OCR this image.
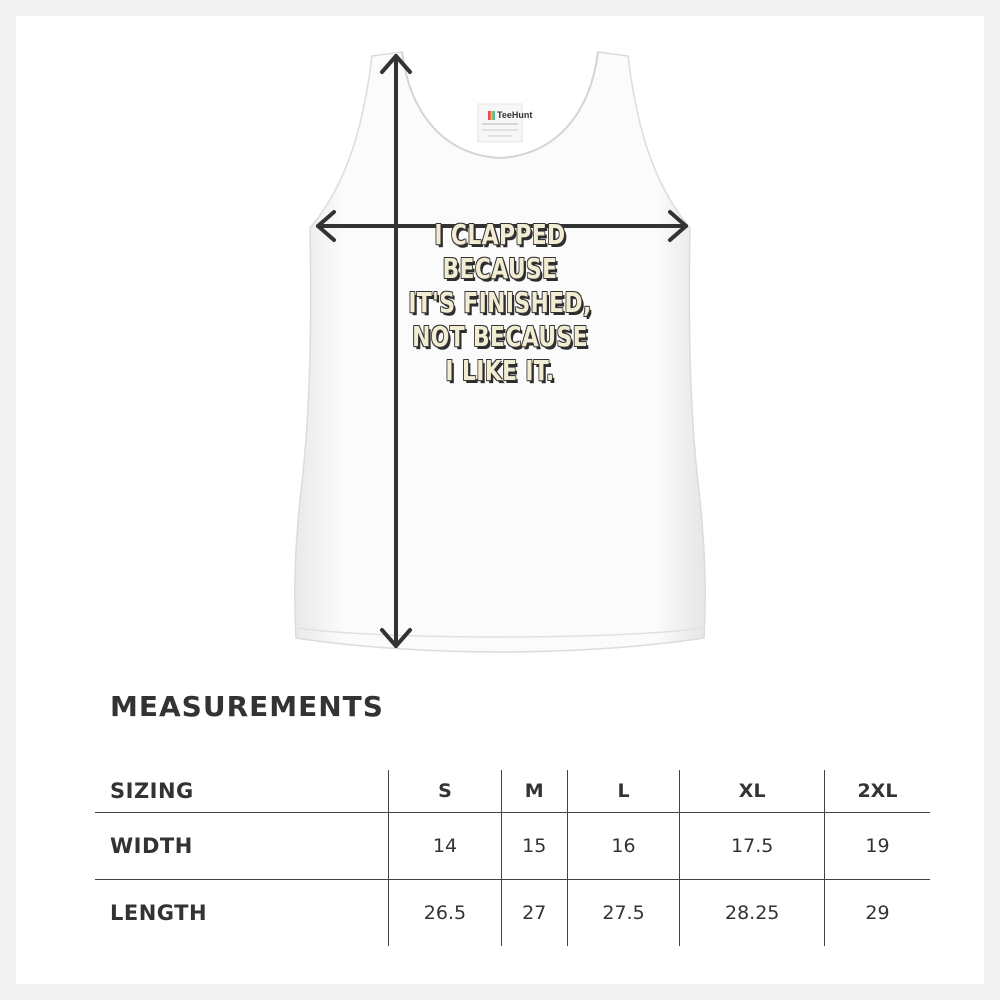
TeeHunt
I CLAPPED BECAUSE
IT'S FINISHED,
NOT BECAUSE
I LIKE IT.
MEASUREMENTS
SIZING	S	M	L	XL	2XL
WIDTH	14	15	16	17.5	19
LENGTH	26.5	27	27.5	28.25	29
